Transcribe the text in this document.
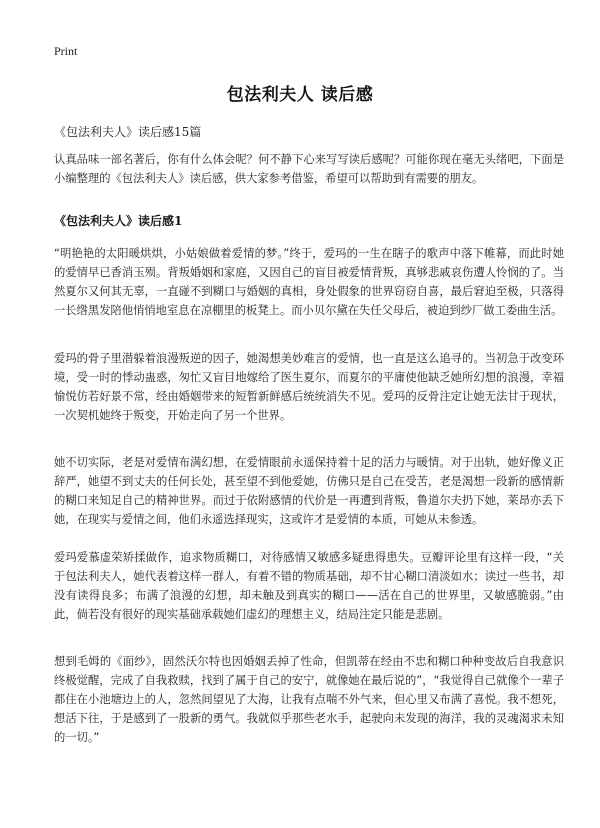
Print
包法利夫人 读后感
《包法利夫人》读后感15篇

认真品味一部名著后，你有什么体会呢？何不静下心来写写读后感呢？可能你现在毫无头绪吧，下面是小编整理的《包法利夫人》读后感，供大家参考借鉴，希望可以帮助到有需要的朋友。

《包法利夫人》读后感1

“明艳艳的太阳暖烘烘，小姑娘做着爱情的梦。”终于，爱玛的一生在瞎子的歌声中落下帷幕，而此时她的爱情早已香消玉殒。背叛婚姻和家庭，又因自己的盲目被爱情背叛，真够悲戚哀伤遭人怜悯的了。当然夏尔又何其无辜，一直碰不到糊口与婚姻的真相，身处假象的世界窃窃自喜，最后窘迫至极，只落得一长绺黑发陪他悄悄地室息在凉棚里的板凳上。而小贝尔黛在失任父母后，被迫到纱厂做工委曲生活。

爱玛的骨子里潜躲着浪漫叛逆的因子，她渴想美妙难言的爱情，也一直是这么追寻的。当初急于改变环境，受一时的悸动蛊惑，匆忙又盲目地嫁给了医生夏尔，而夏尔的平庸使他缺乏她所幻想的浪漫，幸福愉悦仿若好景不常，经由婚姻带来的短暂新鲜感后统统消失不见。爱玛的反骨注定让她无法甘于现状，一次契机她终于叛变，开始走向了另一个世界。

她不切实际，老是对爱情布满幻想，在爱情眼前永遥保持着十足的活力与暖情。对于出轨，她好像义正辞严，她望不到丈夫的任何长处，甚至望不到他爱她，仿佛只是自己在受苦，老是渴想一段新的感情新的糊口来知足自己的精神世界。而过于依附感情的代价是一再遭到背叛，鲁道尔夫扔下她，莱昂亦丢下她，在现实与爱情之间，他们永遥选择现实，这或许才是爱情的本质，可她从未参透。

爱玛爱慕虚荣矫揉做作，追求物质糊口，对待感情又敏感多疑患得患失。豆瓣评论里有这样一段，“关于包法利夫人，她代表着这样一群人，有着不错的物质基础，却不甘心糊口清淡如水；读过一些书，却没有读得良多；布满了浪漫的幻想，却未触及到真实的糊口——活在自己的世界里，又敏感脆弱。”由此，倘若没有很好的现实基础承载她们虚幻的理想主义，结局注定只能是悲剧。

想到毛姆的《面纱》，固然沃尔特也因婚姻丢掉了性命，但凯蒂在经由不忠和糊口种种变故后自我意识终极觉醒，完成了自我救赎，找到了属于自己的安宁，就像她在最后说的”，“我觉得自己就像个一辈子都住在小池塘边上的人，忽然间望见了大海，让我有点喘不外气来，但心里又布满了喜悦。我不想死，想活下往，于是感到了一股新的勇气。我就似乎那些老水手，起驶向未发现的海洋，我的灵魂渴求未知的一切。”
